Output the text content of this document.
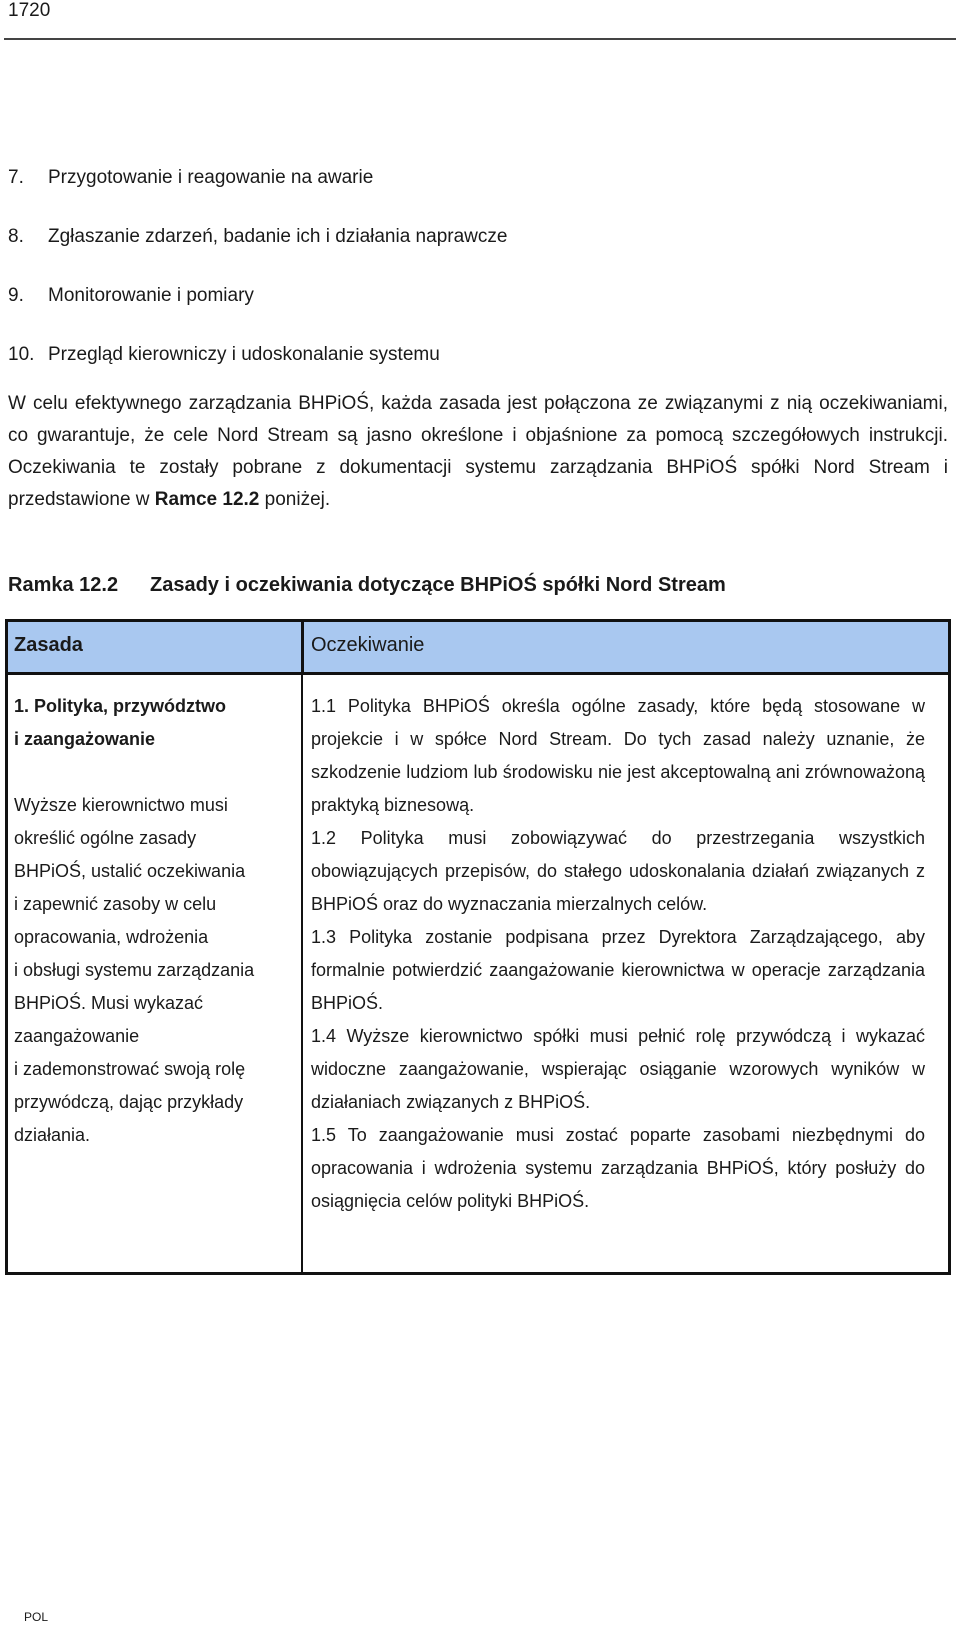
1720
7. Przygotowanie i reagowanie na awarie
8. Zgłaszanie zdarzeń, badanie ich i działania naprawcze
9. Monitorowanie i pomiary
10. Przegląd kierowniczy i udoskonalanie systemu

W celu efektywnego zarządzania BHPiOŚ, każda zasada jest połączona ze związanymi z nią oczekiwaniami, co gwarantuje, że cele Nord Stream są jasno określone i objaśnione za pomocą szczegółowych instrukcji. Oczekiwania te zostały pobrane z dokumentacji systemu zarządzania BHPiOŚ spółki Nord Stream i przedstawione w Ramce 12.2 poniżej.

Ramka 12.2 Zasady i oczekiwania dotyczące BHPiOŚ spółki Nord Stream
Zasada	Oczekiwanie
1. Polityka, przywództwo
i zaangażowanie

Wyższe kierownictwo musi

określić ogólne zasady

BHPiOŚ, ustalić oczekiwania

i zapewnić zasoby w celu

opracowania, wdrożenia

i obsługi systemu zarządzania

BHPiOŚ. Musi wykazać

zaangażowanie

i zademonstrować swoją rolę

przywódczą, dając przykłady

działania.

1.1 Polityka BHPiOŚ określa ogólne zasady, które będą stosowane w projekcie i w spółce Nord Stream. Do tych zasad należy uznanie, że szkodzenie ludziom lub środowisku nie jest akceptowalną ani zrównoważoną praktyką biznesową.

1.2 Polityka musi zobowiązywać do przestrzegania wszystkich obowiązujących przepisów, do stałego udoskonalania działań związanych z BHPiOŚ oraz do wyznaczania mierzalnych celów.

1.3 Polityka zostanie podpisana przez Dyrektora Zarządzającego, aby formalnie potwierdzić zaangażowanie kierownictwa w operacje zarządzania BHPiOŚ.

1.4 Wyższe kierownictwo spółki musi pełnić rolę przywódczą i wykazać widoczne zaangażowanie, wspierając osiąganie wzorowych wyników w działaniach związanych z BHPiOŚ.

1.5 To zaangażowanie musi zostać poparte zasobami niezbędnymi do opracowania i wdrożenia systemu zarządzania BHPiOŚ, który posłuży do osiągnięcia celów polityki BHPiOŚ.

POL
